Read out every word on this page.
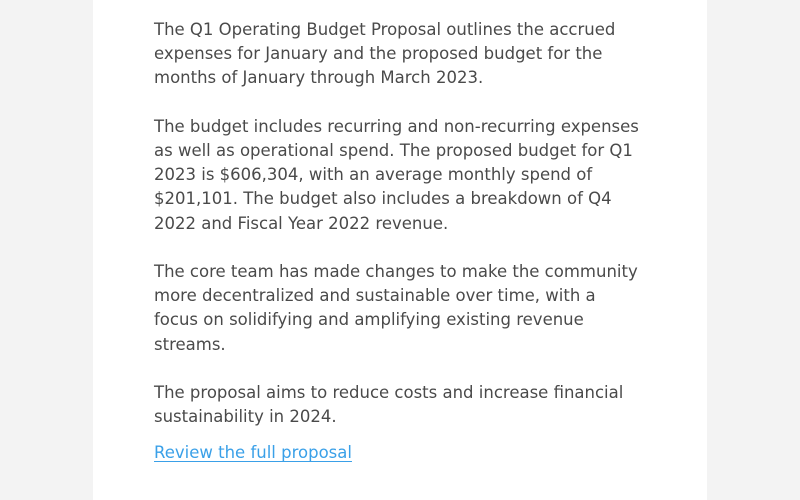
The Q1 Operating Budget Proposal outlines the accrued expenses for January and the proposed budget for the months of January through March 2023.

The budget includes recurring and non-recurring expenses as well as operational spend. The proposed budget for Q1 2023 is $606,304, with an average monthly spend of $201,101. The budget also includes a breakdown of Q4 2022 and Fiscal Year 2022 revenue.

The core team has made changes to make the community more decentralized and sustainable over time, with a focus on solidifying and amplifying existing revenue streams.

The proposal aims to reduce costs and increase financial sustainability in 2024.

Review the full proposal
